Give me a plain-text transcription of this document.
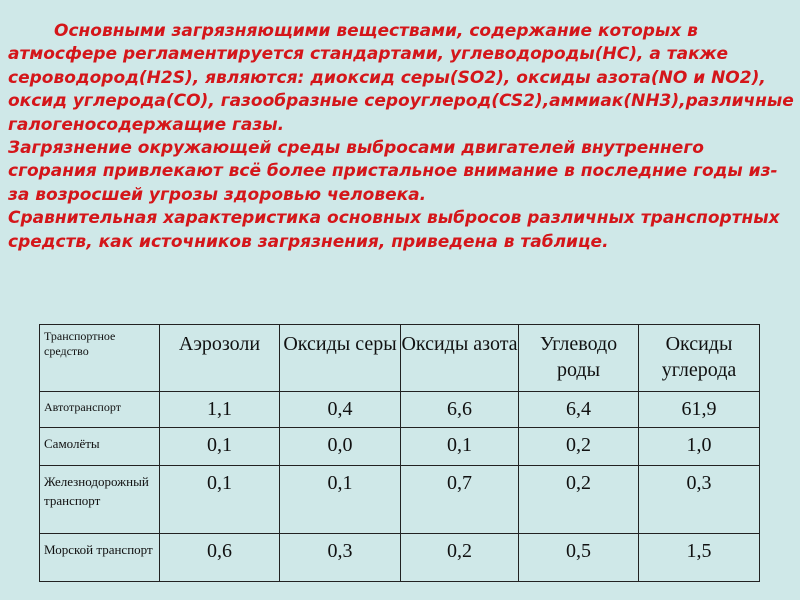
Основными загрязняющими веществами, содержание которых в атмосфере регламентируется стандартами, углеводороды(HC), а также сероводород(H2S), являются: диоксид серы(SO2), оксиды азота(NO и NO2), оксид углерода(CO), газообразные сероуглерод(CS2),аммиак(NH3),различные галогеносодержащие газы.
Загрязнение окружающей среды выбросами двигателей внутреннего сгорания привлекают всё более пристальное внимание в последние годы из-за возросшей угрозы здоровью человека.
Сравнительная характеристика основных выбросов различных транспортных средств, как источников загрязнения, приведена в таблице.
Транспортное средство	Аэрозоли	Оксиды серы	Оксиды азота	Углеводо роды	Оксиды углерода
Автотранспорт	1,1	0,4	6,6	6,4	61,9
Самолёты	0,1	0,0	0,1	0,2	1,0
Железнодорожный транспорт	0,1	0,1	0,7	0,2	0,3
Морской транспорт	0,6	0,3	0,2	0,5	1,5
